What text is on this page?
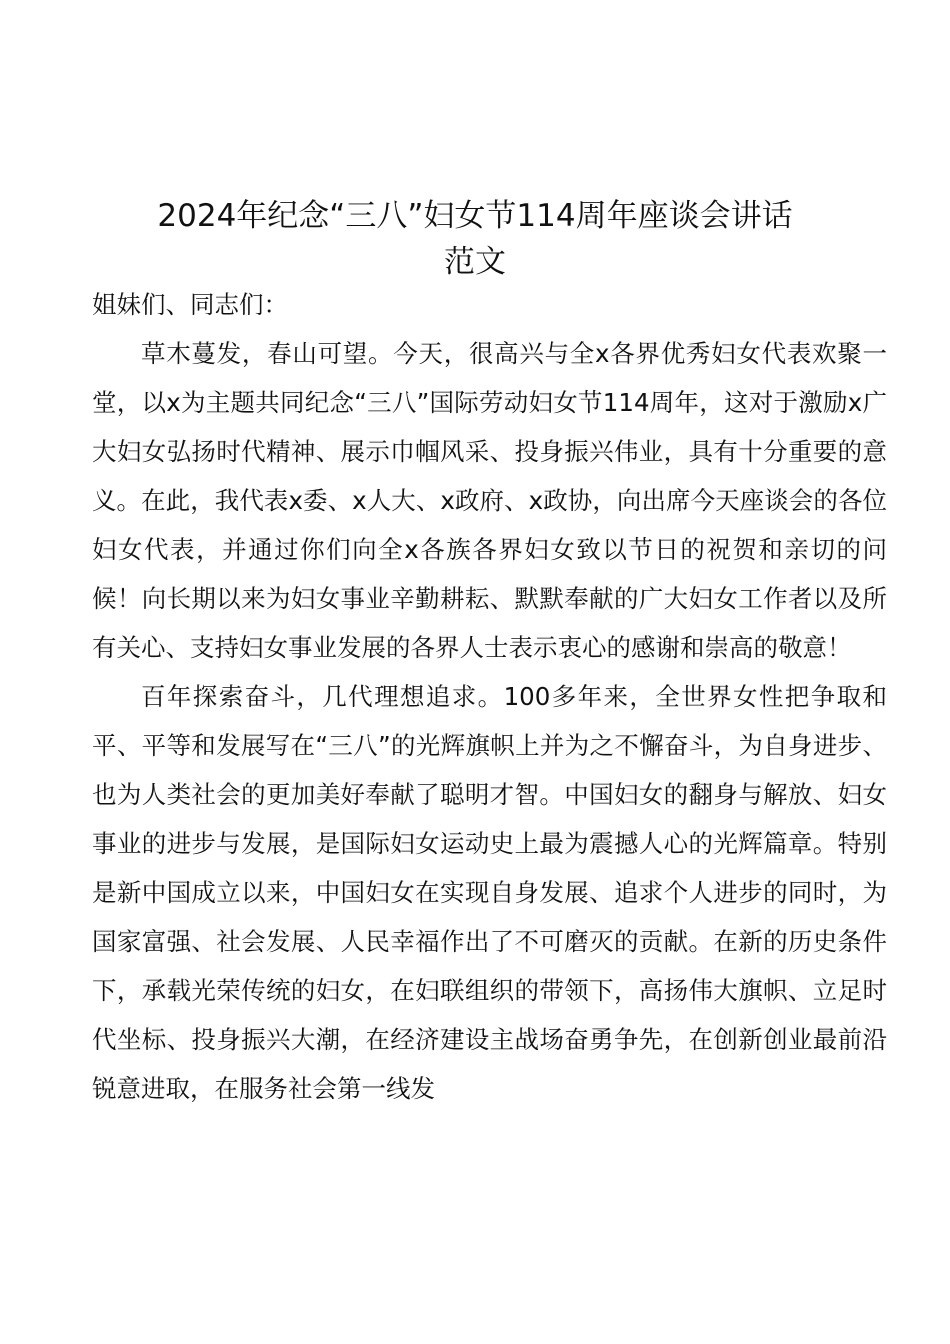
2024年纪念“三八”妇女节114周年座谈会讲话
范文

姐妹们、同志们：

草木蔓发，春山可望。今天，很高兴与全x各界优秀妇女代表欢聚一堂，以x为主题共同纪念“三八”国际劳动妇女节114周年，这对于激励x广大妇女弘扬时代精神、展示巾帼风采、投身振兴伟业，具有十分重要的意义。在此，我代表x委、x人大、x政府、x政协，向出席今天座谈会的各位妇女代表，并通过你们向全x各族各界妇女致以节日的祝贺和亲切的问候！向长期以来为妇女事业辛勤耕耘、默默奉献的广大妇女工作者以及所有关心、支持妇女事业发展的各界人士表示衷心的感谢和崇高的敬意！

百年探索奋斗，几代理想追求。100多年来，全世界女性把争取和平、平等和发展写在“三八”的光辉旗帜上并为之不懈奋斗，为自身进步、也为人类社会的更加美好奉献了聪明才智。中国妇女的翻身与解放、妇女事业的进步与发展，是国际妇女运动史上最为震撼人心的光辉篇章。特别是新中国成立以来，中国妇女在实现自身发展、追求个人进步的同时，为国家富强、社会发展、人民幸福作出了不可磨灭的贡献。在新的历史条件下，承载光荣传统的妇女，在妇联组织的带领下，高扬伟大旗帜、立足时代坐标、投身振兴大潮，在经济建设主战场奋勇争先，在创新创业最前沿锐意进取，在服务社会第一线发
